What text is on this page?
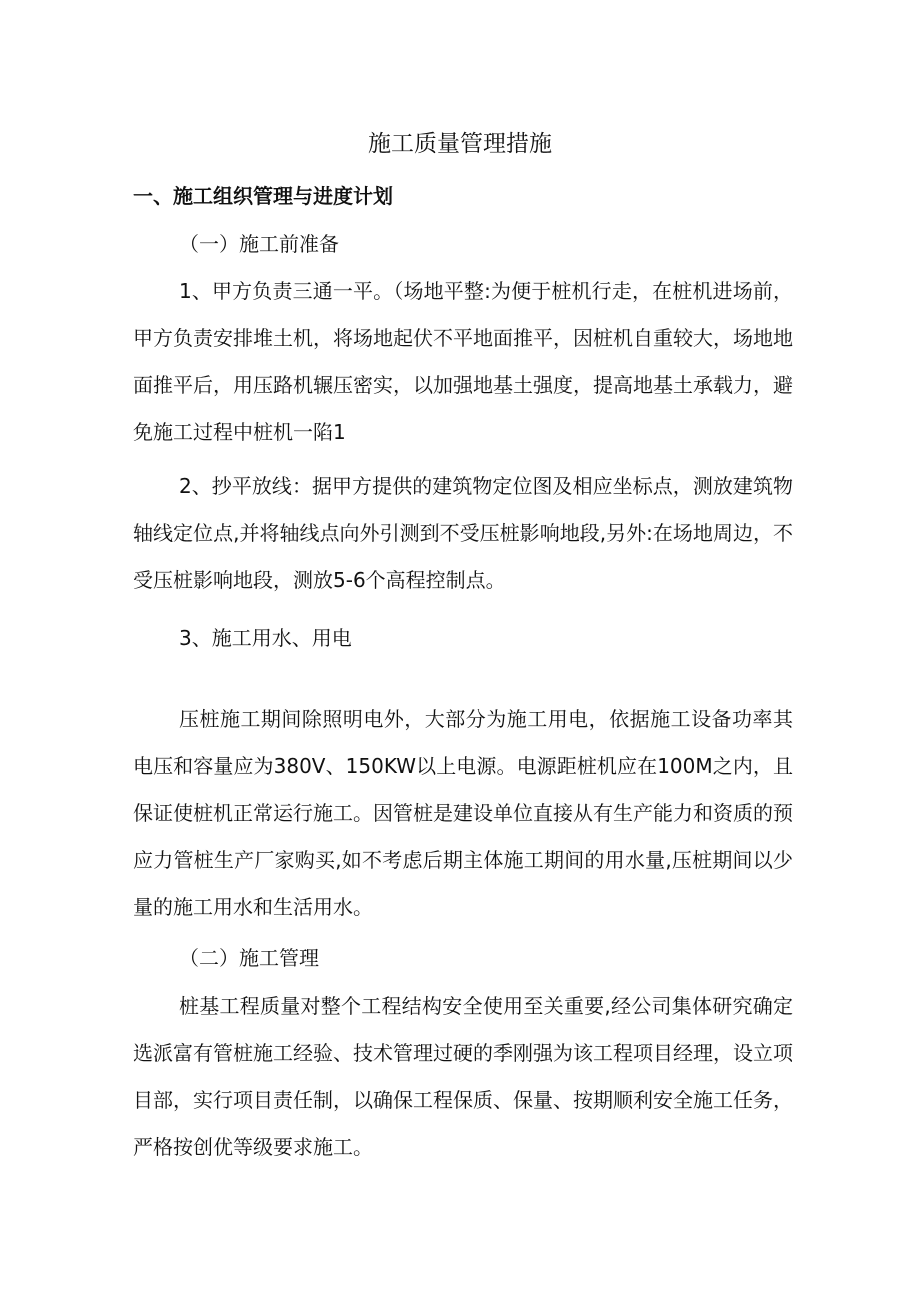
施工质量管理措施
一、施工组织管理与进度计划

（一）施工前准备

1、甲方负责三通一平。（场地平整:为便于桩机行走，在桩机进场前，甲方负责安排堆土机，将场地起伏不平地面推平，因桩机自重较大，场地地面推平后，用压路机辗压密实，以加强地基土强度，提高地基土承载力，避免施工过程中桩机一陷1

2、抄平放线：据甲方提供的建筑物定位图及相应坐标点，测放建筑物轴线定位点,并将轴线点向外引测到不受压桩影响地段,另外:在场地周边，不受压桩影响地段，测放5-6个高程控制点。

3、施工用水、用电

压桩施工期间除照明电外，大部分为施工用电，依据施工设备功率其电压和容量应为380V、150KW以上电源。电源距桩机应在100M之内，且保证使桩机正常运行施工。因管桩是建设单位直接从有生产能力和资质的预应力管桩生产厂家购买,如不考虑后期主体施工期间的用水量,压桩期间以少量的施工用水和生活用水。

（二）施工管理

桩基工程质量对整个工程结构安全使用至关重要,经公司集体研究确定选派富有管桩施工经验、技术管理过硬的季刚强为该工程项目经理，设立项目部，实行项目责任制，以确保工程保质、保量、按期顺利安全施工任务，严格按创优等级要求施工。
